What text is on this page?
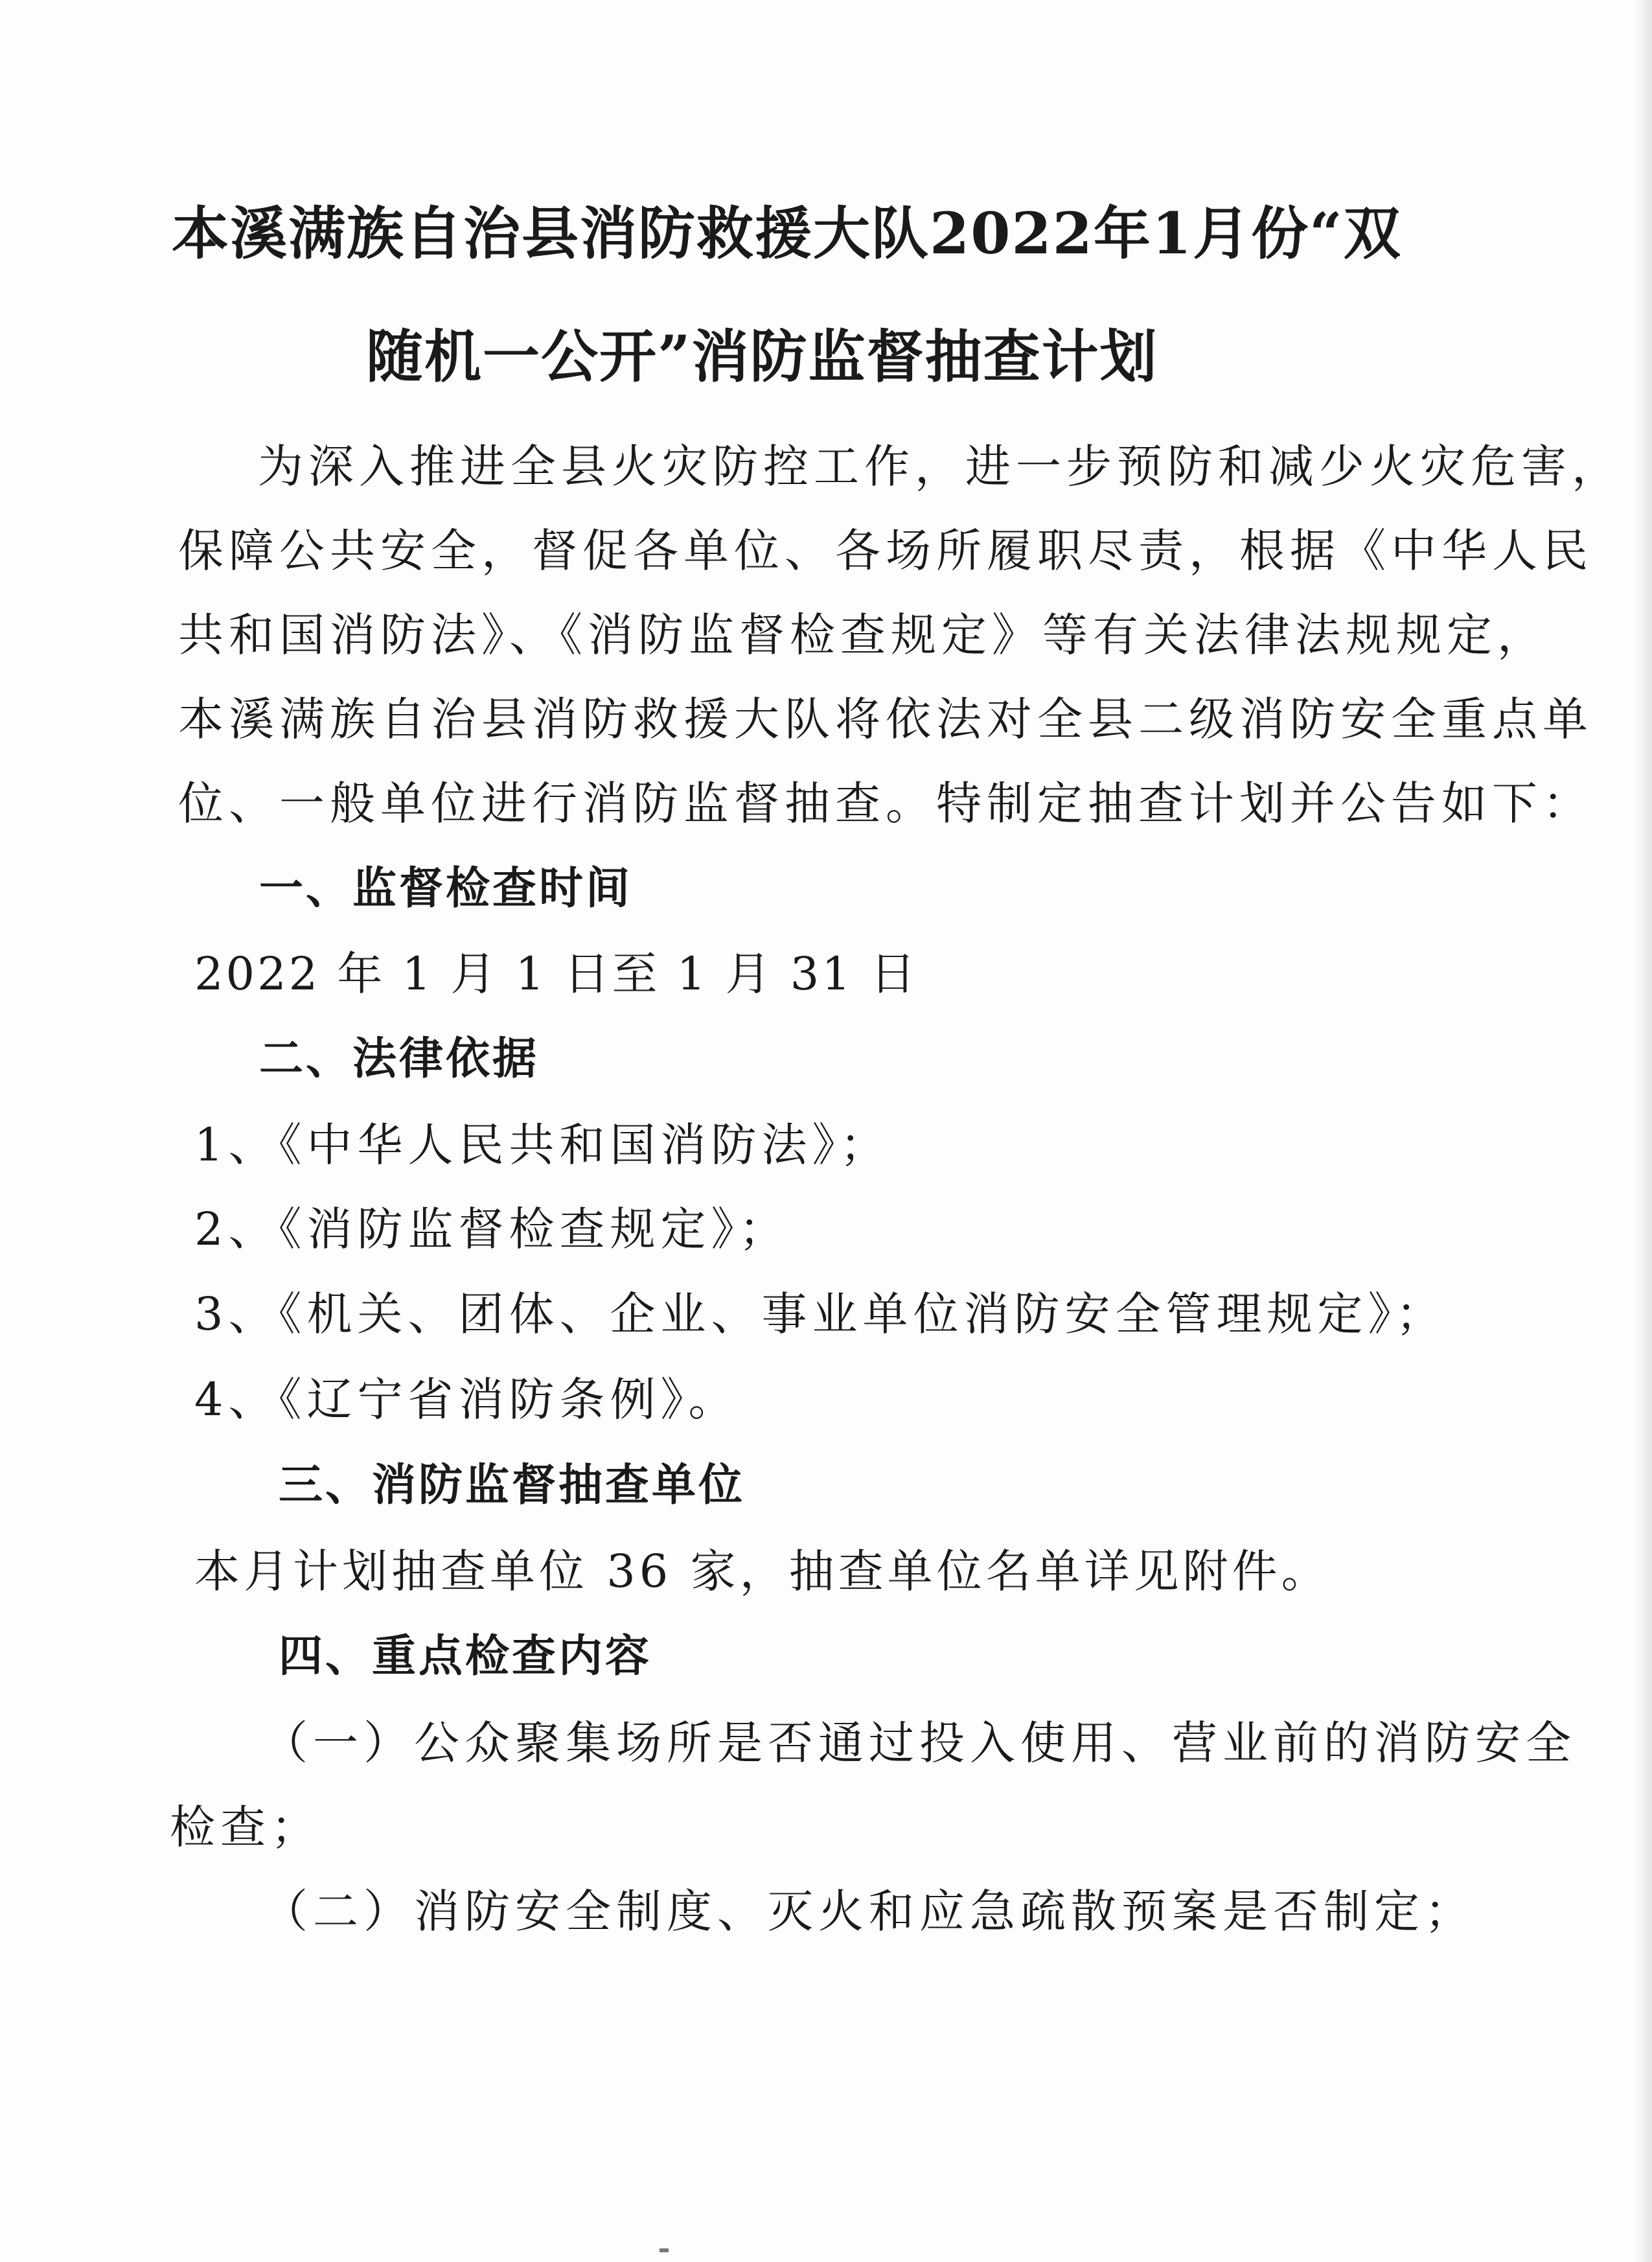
本溪满族自治县消防救援大队2022年1月份“双
随机一公开”消防监督抽查计划
为深入推进全县火灾防控工作，进一步预防和减少火灾危害，
保障公共安全，督促各单位、各场所履职尽责，根据《中华人民
共和国消防法》、《消防监督检查规定》等有关法律法规规定，
本溪满族自治县消防救援大队将依法对全县二级消防安全重点单
位、一般单位进行消防监督抽查。特制定抽查计划并公告如下：
一、监督检查时间
2022 年 1 月 1 日至 1 月 31 日
二、法律依据
1、《中华人民共和国消防法》；
2、《消防监督检查规定》；
3、《机关、团体、企业、事业单位消防安全管理规定》；
4、《辽宁省消防条例》。
三、消防监督抽查单位
本月计划抽查单位 36 家，抽查单位名单详见附件。
四、重点检查内容
（一）公众聚集场所是否通过投入使用、营业前的消防安全
检查；
（二）消防安全制度、灭火和应急疏散预案是否制定；
